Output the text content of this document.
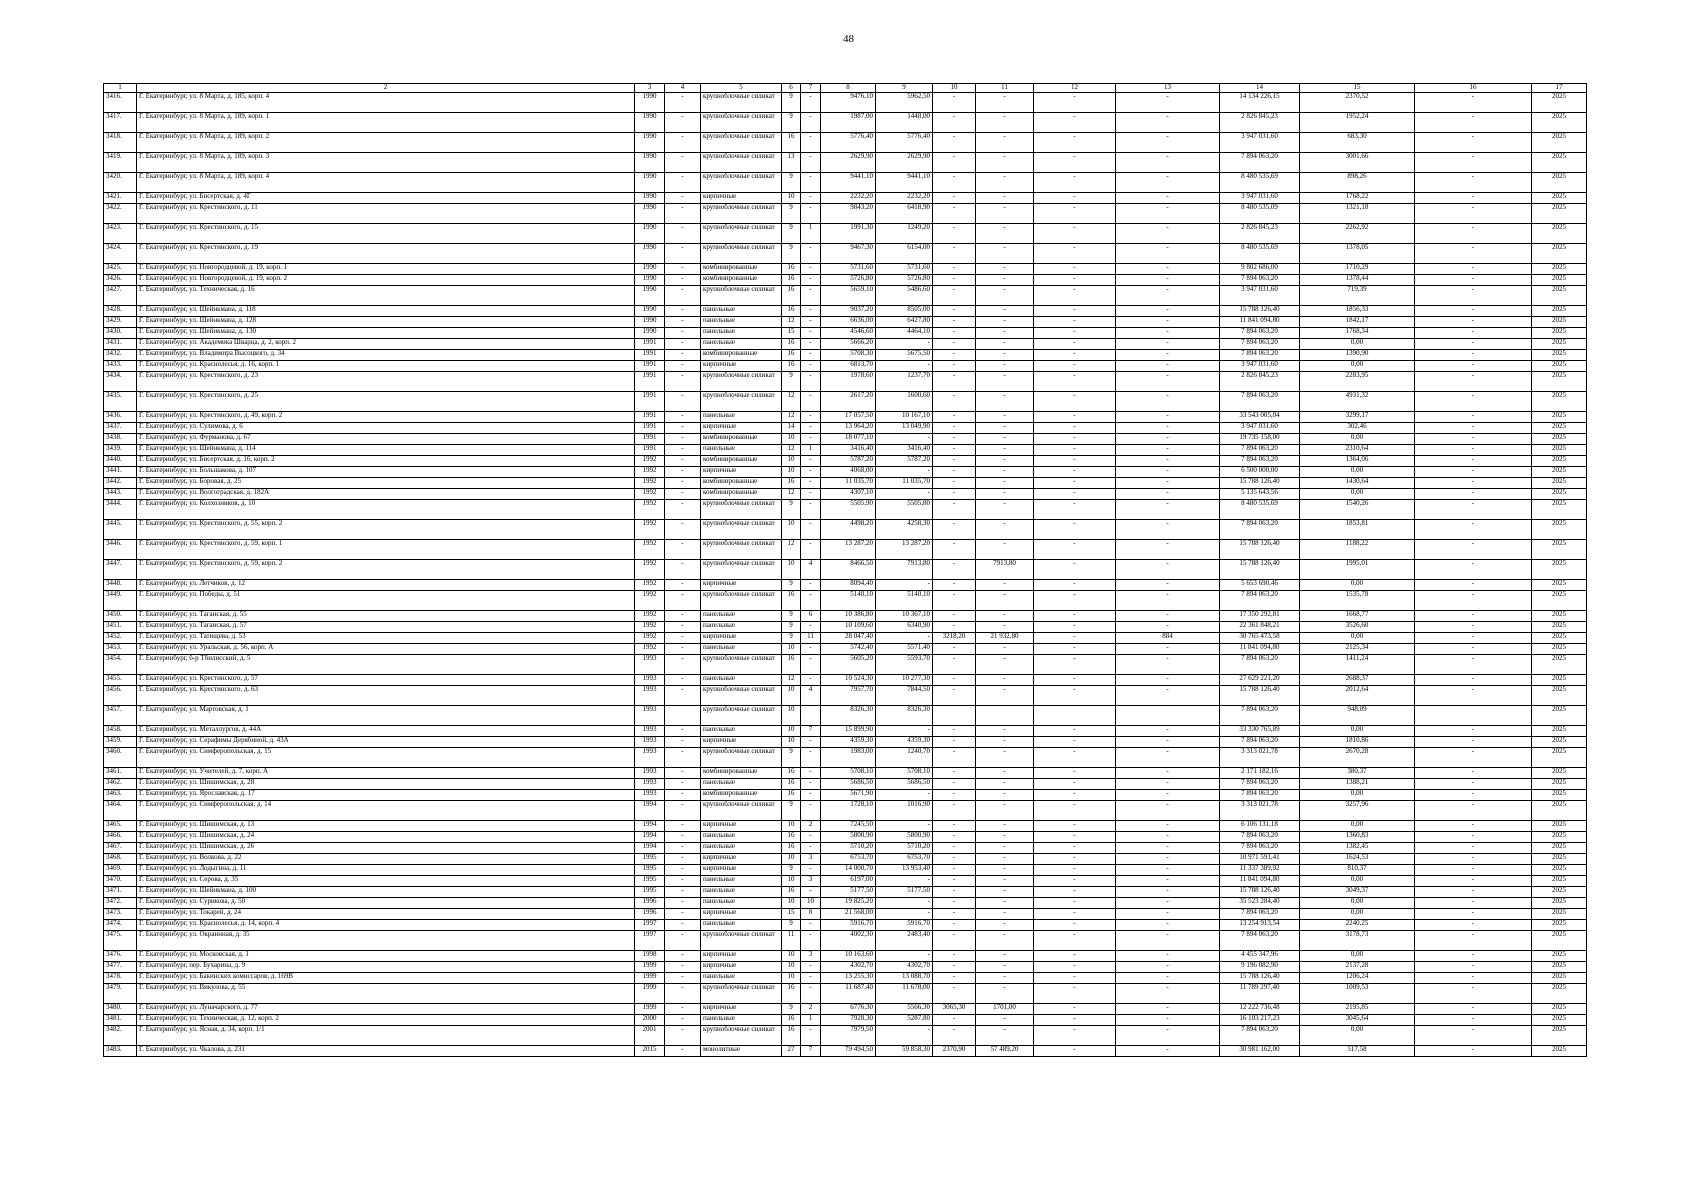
48
1	2	3	4	5	6	7	8	9	10	11	12	13	14	15	16	17
3416.	Г. Екатеринбург, ул. 8 Марта, д. 185, корп. 4	1990	-	крупноблочные силикат	9	-	9476,10	5962,50	-	-	-	-	14 134 226,15	2370,52	-	2025
3417.	Г. Екатеринбург, ул. 8 Марта, д. 189, корп. 1	1990	-	крупноблочные силикат	9	-	1987,00	1448,00	-	-	-	-	2 826 845,23	1952,24	-	2025
3418.	Г. Екатеринбург, ул. 8 Марта, д. 189, корп. 2	1990	-	крупноблочные силикат	16	-	5776,40	5776,40	-	-	-	-	3 947 031,60	683,30	-	2025
3419.	Г. Екатеринбург, ул. 8 Марта, д. 189, корп. 3	1990	-	крупноблочные силикат	13	-	2629,90	2629,90	-	-	-	-	7 894 063,20	3001,66	-	2025
3420.	Г. Екатеринбург, ул. 8 Марта, д. 189, корп. 4	1990	-	крупноблочные силикат	9	-	9441,10	9441,10	-	-	-	-	8 480 535,69	898,26	-	2025
3421.	Г. Екатеринбург, ул. Бисертская, д. 4Г	1990	-	кирпичные	10	-	2232,20	2232,20	-	-	-	-	3 947 031,60	1768,22	-	2025
3422.	Г. Екатеринбург, ул. Крестинского, д. 11	1990	-	крупноблочные силикат	9	-	9843,20	6418,90	-	-	-	-	8 480 535,09	1321,18	-	2025
3423.	Г. Екатеринбург, ул. Крестинского, д. 15	1990	-	крупноблочные силикат	9	1	1991,30	1249,20	-	-	-	-	2 826 845,23	2262,92	-	2025
3424.	Г. Екатеринбург, ул. Крестинского, д. 19	1990	-	крупноблочные силикат	9	-	9467,30	6154,00	-	-	-	-	8 480 535,69	1378,05	-	2025
3425.	Г. Екатеринбург, ул. Новгородцевой, д. 19, корп. 1	1990	-	комбинированные	16	-	5731,60	5731,60	-	-	-	-	9 802 686,00	1710,29	-	2025
3426.	Г. Екатеринбург, ул. Новгородцевой, д. 19, корп. 2	1990	-	комбинированные	16	-	5726,80	5726,80	-	-	-	-	7 894 063,20	1378,44	-	2025
3427.	Г. Екатеринбург, ул. Техническая, д. 16	1990	-	крупноблочные силикат	16	-	5659,10	5486,60	-	-	-	-	3 947 031,60	719,39	-	2025
3428.	Г. Екатеринбург, ул. Шейнкмана, д. 118	1990	-	панельные	16	-	9037,20	8505,00	-	-	-	-	15 788 126,40	1856,33	-	2025
3429.	Г. Екатеринбург, ул. Шейнкмана, д. 128	1990	-	панельные	12	-	6636,00	6427,80	-	-	-	-	11 841 094,80	1842,17	-	2025
3430.	Г. Екатеринбург, ул. Шейнкмана, д. 130	1990	-	панельные	15	-	4546,60	4464,10	-	-	-	-	7 894 063,20	1768,34	-	2025
3431.	Г. Екатеринбург, ул. Академика Шварца, д. 2, корп. 2	1991	-	панельные	16	-	5666,20	-	-	-	-	-	7 894 063,20	0,00	-	2025
3432.	Г. Екатеринбург, ул. Владимира Высоцкого, д. 34	1991	-	комбинированные	16	-	5708,30	5675,50	-	-	-	-	7 894 063,20	1390,90	-	2025
3433.	Г. Екатеринбург, ул. Краснолесья, д. 16, корп. 1	1991	-	кирпичные	16	-	6813,70	-	-	-	-	-	3 947 031,60	0,00	-	2025
3434.	Г. Екатеринбург, ул. Крестинского, д. 23	1991	-	крупноблочные силикат	9	-	1978,60	1237,70	-	-	-	-	2 826 845,23	2283,95	-	2025
3435.	Г. Екатеринбург, ул. Крестинского, д. 25	1991	-	крупноблочные силикат	12	-	2617,20	1600,60	-	-	-	-	7 894 063,20	4931,32	-	2025
3436.	Г. Екатеринбург, ул. Крестинского, д. 49, корп. 2	1991	-	панельные	12	-	17 057,50	10 167,10	-	-	-	-	33 543 005,04	3299,17	-	2025
3437.	Г. Екатеринбург, ул. Сулимова, д. 6	1991	-	кирпичные	14	-	13 964,20	13 049,90	-	-	-	-	3 947 031,60	302,46	-	2025
3438.	Г. Екатеринбург, ул. Фурманова, д. 67	1991	-	комбинированные	10	-	18 077,10	-	-	-	-	-	19 735 158,00	0,00	-	2025
3439.	Г. Екатеринбург, ул. Шейнкмана, д. 114	1991	-	панельные	12	1	3416,40	3416,40	-	-	-	-	7 894 063,20	2310,64	-	2025
3440.	Г. Екатеринбург, ул. Бисертская, д. 16, корп. 2	1992	-	комбинированные	10	-	5787,20	5787,20	-	-	-	-	7 894 063,20	1364,06	-	2025
3441.	Г. Екатеринбург, ул. Большакова, д. 107	1992	-	кирпичные	10	-	4068,00	-	-	-	-	-	6 500 000,00	0,00	-	2025
3442.	Г. Екатеринбург, ул. Боровая, д. 25	1992	-	комбинированные	16	-	11 035,70	11 035,70	-	-	-	-	15 788 126,40	1430,64	-	2025
3443.	Г. Екатеринбург, ул. Волгоградская, д. 182А	1992	-	комбинированные	12	-	4307,10	-	-	-	-	-	5 135 643,56	0,00	-	2025
3444.	Г. Екатеринбург, ул. Колхозников, д. 10	1992	-	крупноблочные силикат	9	-	5505,90	5505,80	-	-	-	-	8 480 535,69	1540,26	-	2025
3445.	Г. Екатеринбург, ул. Крестинского, д. 55, корп. 2	1992	-	крупноблочные силикат	10	-	4498,20	4258,30	-	-	-	-	7 894 063,20	1853,81	-	2025
3446.	Г. Екатеринбург, ул. Крестинского, д. 59, корп. 1	1992	-	крупноблочные силикат	12	-	13 287,20	13 287,20	-	-	-	-	15 788 126,40	1188,22	-	2025
3447.	Г. Екатеринбург, ул. Крестинского, д. 59, корп. 2	1992	-	крупноблочные силикат	10	4	8466,50	7913,80	-	7913,80	-	-	15 788 126,40	1995,01	-	2025
3448.	Г. Екатеринбург, ул. Летчиков, д. 12	1992	-	кирпичные	9	-	8094,40	-	-	-	-	-	5 653 690,46	0,00	-	2025
3449.	Г. Екатеринбург, ул. Победы, д. 51	1992	-	крупноблочные силикат	16	-	5140,10	5140,10	-	-	-	-	7 894 063,20	1535,78	-	2025
3450.	Г. Екатеринбург, ул. Таганская, д. 55	1992	-	панельные	9	6	10 386,80	10 367,10	-	-	-	-	17 350 292,81	1668,77	-	2025
3451.	Г. Екатеринбург, ул. Таганская, д. 57	1992	-	панельные	9	-	10 109,60	6340,90	-	-	-	-	22 361 848,21	3526,60	-	2025
3452.	Г. Екатеринбург, ул. Татищева, д. 53	1992	-	кирпичные	9	11	28 047,40	-	3218,20	21 932,80	-	884	30 765 473,58	0,00	-	2025
3453.	Г. Екатеринбург, ул. Уральская, д. 56, корп. А	1992	-	панельные	10	-	5742,40	5571,40	-	-	-	-	11 841 094,80	2125,34	-	2025
3454.	Г. Екатеринбург, б-р Тбилисский, д. 5	1993	-	крупноблочные силикат	16	-	5605,20	5593,70	-	-	-	-	7 894 063,20	1411,24	-	2025
3455.	Г. Екатеринбург, ул. Крестинского, д. 57	1993	-	панельные	12	-	10 524,30	10 277,30	-	-	-	-	27 629 221,20	2688,37	-	2025
3456.	Г. Екатеринбург, ул. Крестинского, д. 63	1993	-	крупноблочные силикат	10	4	7957,70	7844,50	-	-	-	-	15 788 126,40	2012,64	-	2025
3457.	Г. Екатеринбург, ул. Мартовская, д. 1	1993		крупноблочные силикат	10		8326,30	8326,30					7 894 063,20	948,09		2025
3458.	Г. Екатеринбург, ул. Металлургов, д. 44А	1993	-	панельные	10	7	15 899,90	-	-	-	-	-	33 330 765,89	0,00	-	2025
3459.	Г. Екатеринбург, ул. Серафимы Дерябиной, д. 43А	1993	-	кирпичные	10	-	4359,30	4359,30	-	-	-	-	7 894 063,20	1810,86	-	2025
3460.	Г. Екатеринбург, ул. Симферопольская, д. 15	1993	-	крупноблочные силикат	9	-	1983,00	1240,70	-	-	-	-	3 313 021,78	2670,28	-	2025
3461.	Г. Екатеринбург, ул. Учителей, д. 7, корп. А	1993	-	комбинированные	16	-	5708,10	5708,10	-	-	-	-	2 171 182,16	380,37	-	2025
3462.	Г. Екатеринбург, ул. Шишимская, д. 28	1993	-	панельные	16	-	5686,50	5686,50	-	-	-	-	7 894 063,20	1388,21	-	2025
3463.	Г. Екатеринбург, ул. Ярославская, д. 17	1993	-	комбинированные	16	-	5671,90	-	-	-	-	-	7 894 063,20	0,00	-	2025
3464.	Г. Екатеринбург, ул. Симферопольская, д. 14	1994	-	крупноблочные силикат	9	-	1728,10	1016,90	-	-	-	-	3 313 021,78	3257,96	-	2025
3465.	Г. Екатеринбург, ул. Шишимская, д. 13	1994	-	кирпичные	10	2	7245,50	-	-	-	-	-	6 106 131,18	0,00	-	2025
3466.	Г. Екатеринбург, ул. Шишимская, д. 24	1994	-	панельные	16	-	5800,90	5800,90	-	-	-	-	7 894 063,20	1360,83	-	2025
3467.	Г. Екатеринбург, ул. Шишимская, д. 26	1994	-	панельные	16	-	5710,20	5710,20	-	-	-	-	7 894 063,20	1382,45	-	2025
3468.	Г. Екатеринбург, ул. Волкова, д. 22	1995	-	кирпичные	10	3	6753,70	6753,70	-	-	-	-	10 971 591,41	1624,53	-	2025
3469.	Г. Екатеринбург, ул. Лодыгина, д. 11	1995	-	кирпичные	9	-	14 000,70	13 953,40	-	-	-	-	11 337 389,92	810,37	-	2025
3470.	Г. Екатеринбург, ул. Серова, д. 35	1995	-	панельные	10	3	6197,00	-	-	-	-	-	11 841 094,80	0,00	-	2025
3471.	Г. Екатеринбург, ул. Шейнкмана, д. 100	1995	-	панельные	16	-	5177,50	5177,50	-	-	-	-	15 788 126,40	3049,37	-	2025
3472.	Г. Екатеринбург, ул. Сурикова, д. 50	1996	-	панельные	10	10	19 825,20	-	-	-	-	-	35 523 284,40	0,00	-	2025
3473.	Г. Екатеринбург, ул. Токарей, д. 24	1996	-	кирпичные	15	8	21 568,00	-	-	-	-	-	7 894 063,20	0,00	-	2025
3474.	Г. Екатеринбург, ул. Краснолесья, д. 14, корп. 4	1997	-	панельные	9	-	5916,70	5916,70	-	-	-	-	13 254 913,54	2240,25	-	2025
3475.	Г. Екатеринбург, ул. Окраинная, д. 35	1997	-	крупноблочные силикат	11	-	4002,30	2483,40	-	-	-	-	7 894 063,20	3178,73	-	2025
3476.	Г. Екатеринбург, ул. Московская, д. 1	1998	-	кирпичные	10	3	10 163,60	-	-	-	-	-	4 455 347,96	0,00	-	2025
3477.	Г. Екатеринбург, пер. Бухарина, д. 9	1999	-	кирпичные	10	-	4302,70	4302,70	-	-	-	-	9 196 082,90	2137,28	-	2025
3478.	Г. Екатеринбург, ул. Бакинских комиссаров, д. 169В	1999	-	панельные	10	-	13 255,30	13 088,70	-	-	-	-	15 788 126,40	1206,24	-	2025
3479.	Г. Екатеринбург, ул. Викулова, д. 55	1999	-	крупноблочные силикат	16	-	11 687,40	11 678,00	-	-	-	-	11 789 297,40	1009,53	-	2025
3480.	Г. Екатеринбург, ул. Луначарского, д. 77	1999	-	кирпичные	9	2	6776,30	5566,30	3065,30	1701,00	-	-	12 222 736,48	2195,85	-	2025
3481.	Г. Екатеринбург, ул. Техническая, д. 12, корп. 2	2000	-	панельные	16	1	7928,30	5287,80	-	-	-	-	16 103 217,23	3045,64	-	2025
3482.	Г. Екатеринбург, ул. Ясная, д. 34, корп. 1/1	2001	-	крупноблочные силикат	16	-	7979,50	-	-	-	-	-	7 894 063,20	0,00	-	2025
3483.	Г. Екатеринбург, ул. Чкалова, д. 231	2015	-	монолитные	27	7	79 494,50	59 858,30	2370,90	57 489,20	-	-	30 981 162,00	517,58	-	2025
